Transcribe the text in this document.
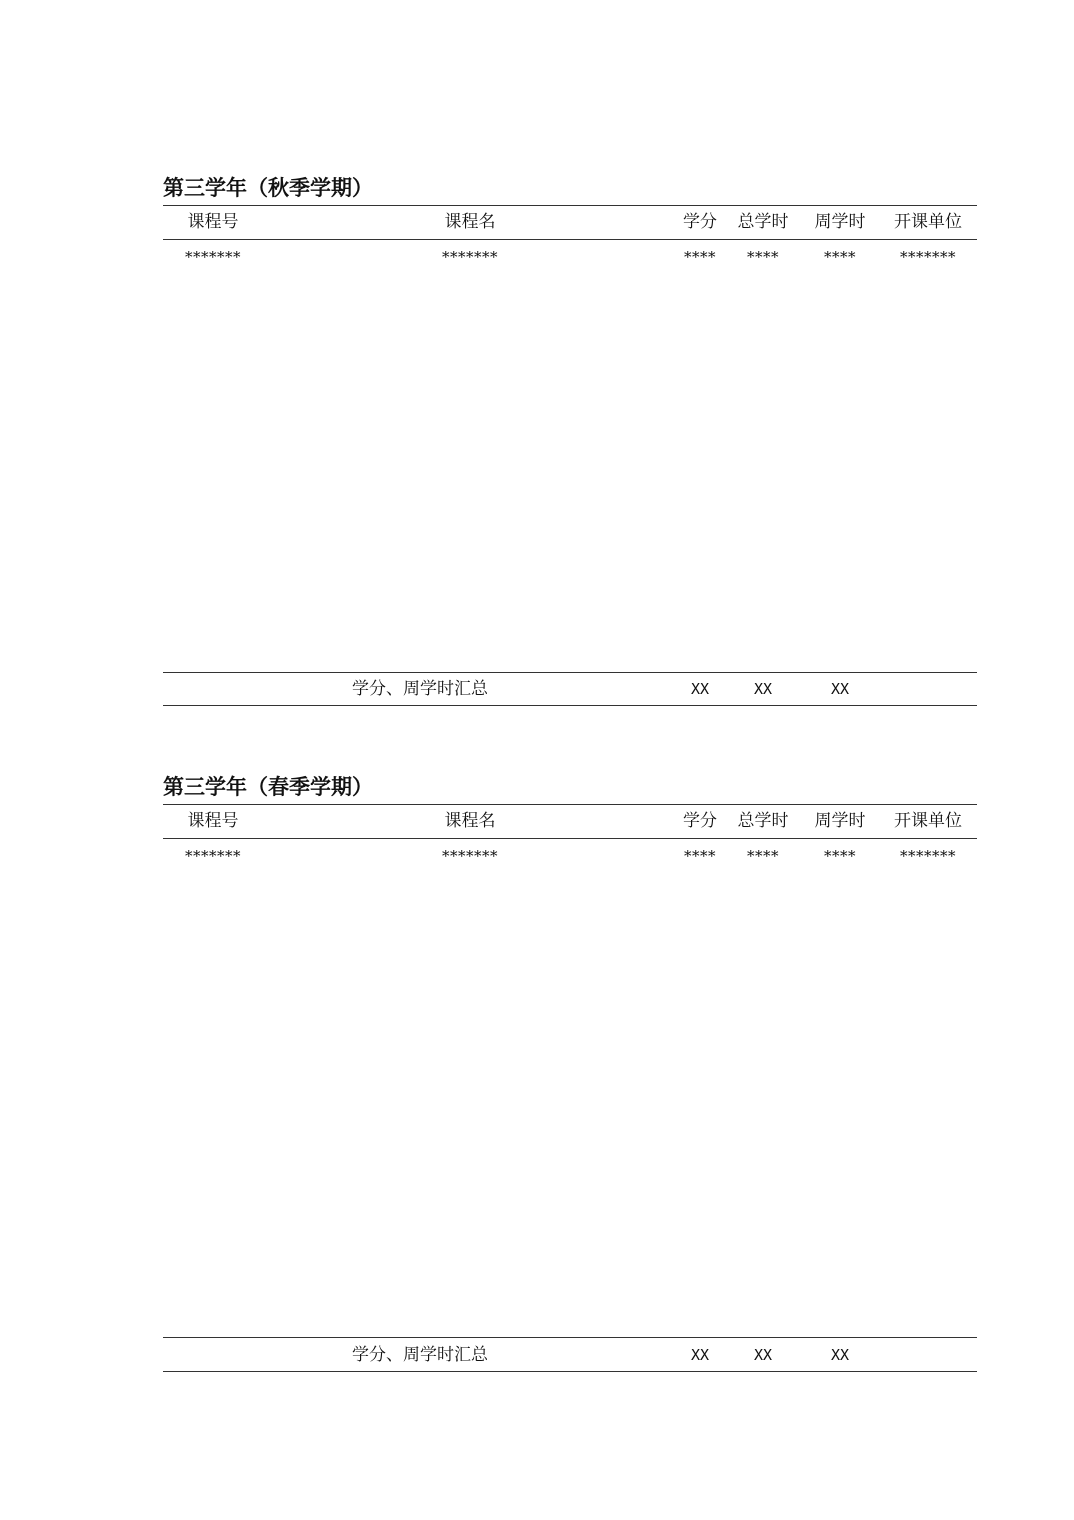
第三学年（秋季学期）
课程号	课程名	学分	总学时	周学时	开课单位
*******	*******	****	****	****	*******
学分、周学时汇总	XX	XX	XX
第三学年（春季学期）
课程号	课程名	学分	总学时	周学时	开课单位
*******	*******	****	****	****	*******
学分、周学时汇总	XX	XX	XX
